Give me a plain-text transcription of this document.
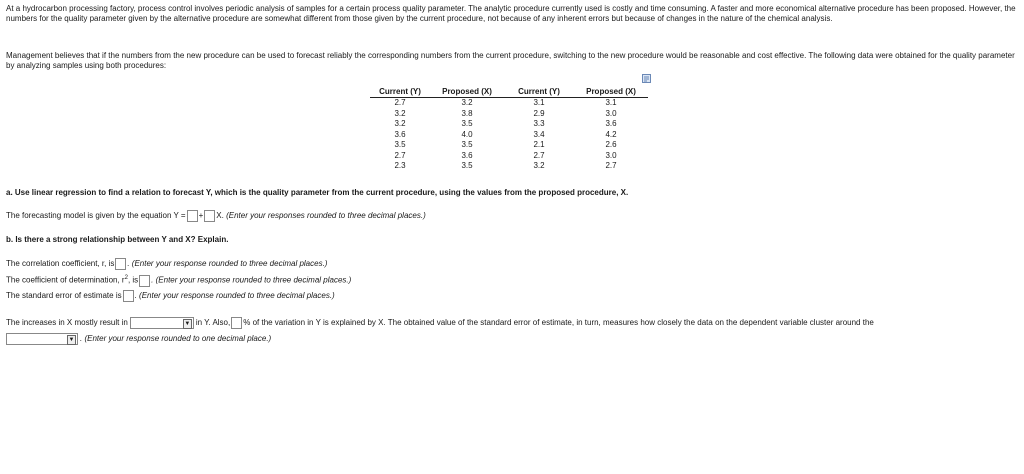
At a hydrocarbon processing factory, process control involves periodic analysis of samples for a certain process quality parameter. The analytic procedure currently used is costly and time consuming. A faster and more economical alternative procedure has been proposed. However, the numbers for the quality parameter given by the alternative procedure are somewhat different from those given by the current procedure, not because of any inherent errors but because of changes in the nature of the chemical analysis.
Management believes that if the numbers from the new procedure can be used to forecast reliably the corresponding numbers from the current procedure, switching to the new procedure would be reasonable and cost effective. The following data were obtained for the quality parameter by analyzing samples using both procedures:
Current (Y)	Proposed (X)	Current (Y)	Proposed (X)
2.7	3.2	3.1	3.1
3.2	3.8	2.9	3.0
3.2	3.5	3.3	3.6
3.6	4.0	3.4	4.2
3.5	3.5	2.1	2.6
2.7	3.6	2.7	3.0
2.3	3.5	3.2	2.7
a. Use linear regression to find a relation to forecast Y, which is the quality parameter from the current procedure, using the values from the proposed procedure, X.
The forecasting model is given by the equation Y = + X. (Enter your responses rounded to three decimal places.)
b. Is there a strong relationship between Y and X? Explain.
The correlation coefficient, r, is . (Enter your response rounded to three decimal places.)
The coefficient of determination, $r^2$, is . (Enter your response rounded to three decimal places.)
The standard error of estimate is . (Enter your response rounded to three decimal places.)
The increases in X mostly result in	▼ in Y. Also, % of the variation in Y is explained by X. The obtained value of the standard error of estimate, in turn, measures how closely the data on the dependent variable cluster around the
▼ . (Enter your response rounded to one decimal place.)
